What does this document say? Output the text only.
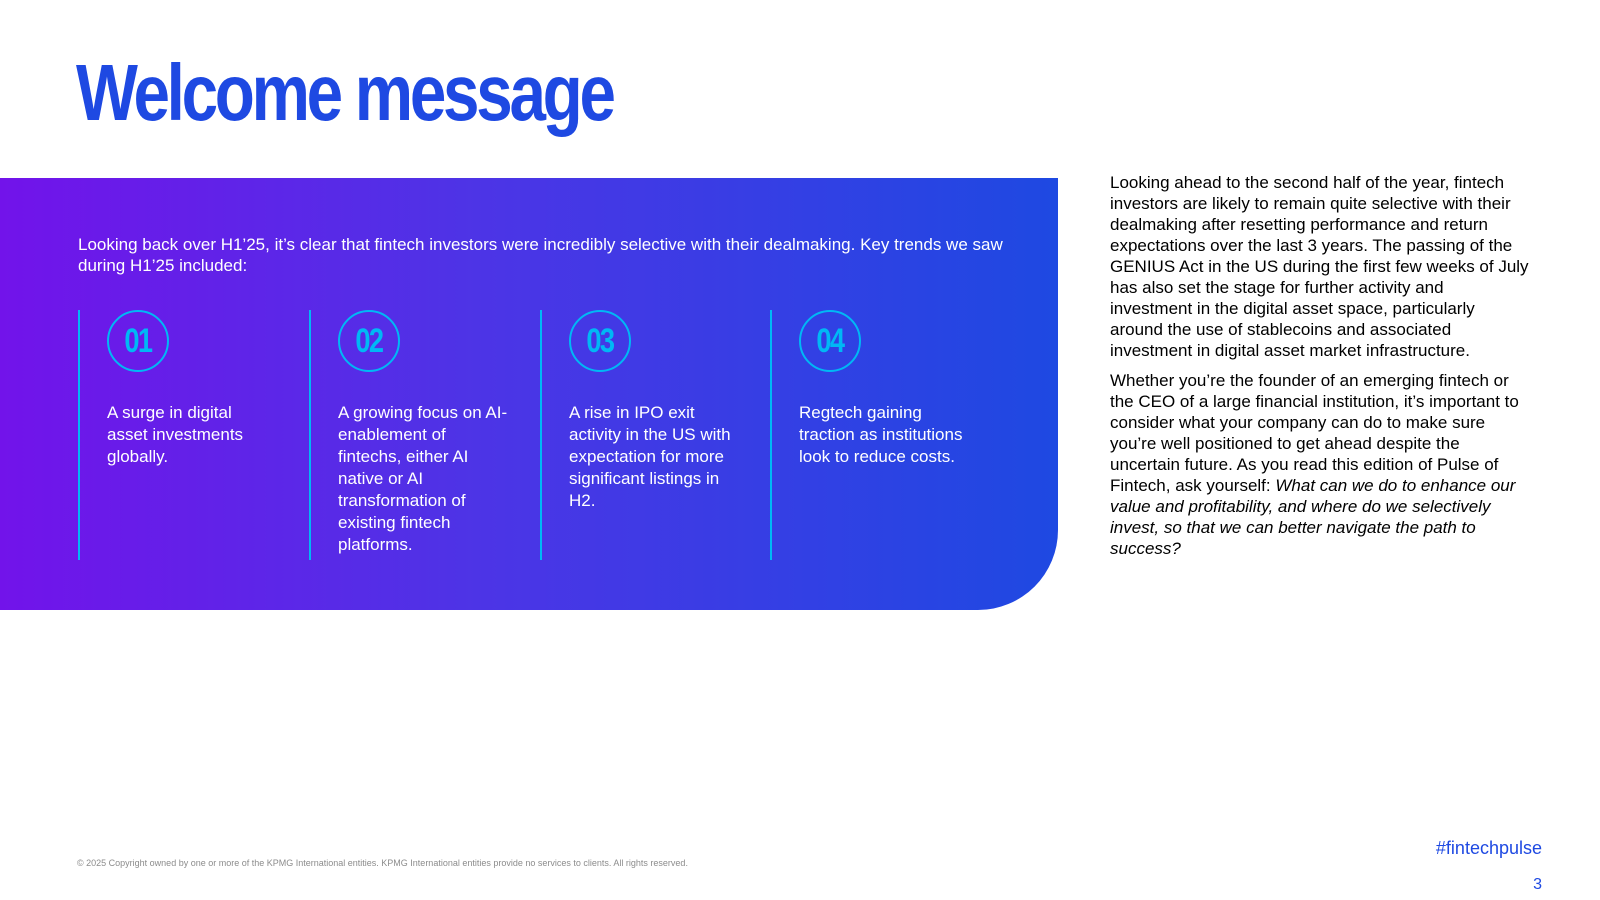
Welcome message

Looking back over H1’25, it’s clear that fintech investors were incredibly selective with their dealmaking. Key trends we saw during H1’25 included:

01
A surge in digital asset investments globally.
02
A growing focus on AI-enablement of fintechs, either AI native or AI transformation of existing fintech platforms.
03
A rise in IPO exit activity in the US with expectation for more significant listings in H2.
04
Regtech gaining traction as institutions look to reduce costs.

Looking ahead to the second half of the year, fintech investors are likely to remain quite selective with their dealmaking after resetting performance and return expectations over the last 3 years. The passing of the GENIUS Act in the US during the first few weeks of July has also set the stage for further activity and investment in the digital asset space, particularly around the use of stablecoins and associated investment in digital asset market infrastructure.

Whether you’re the founder of an emerging fintech or the CEO of a large financial institution, it’s important to consider what your company can do to make sure you’re well positioned to get ahead despite the uncertain future. As you read this edition of Pulse of Fintech, ask yourself: What can we do to enhance our value and profitability, and where do we selectively invest, so that we can better navigate the path to success?

© 2025 Copyright owned by one or more of the KPMG International entities. KPMG International entities provide no services to clients. All rights reserved.
#fintechpulse
3
